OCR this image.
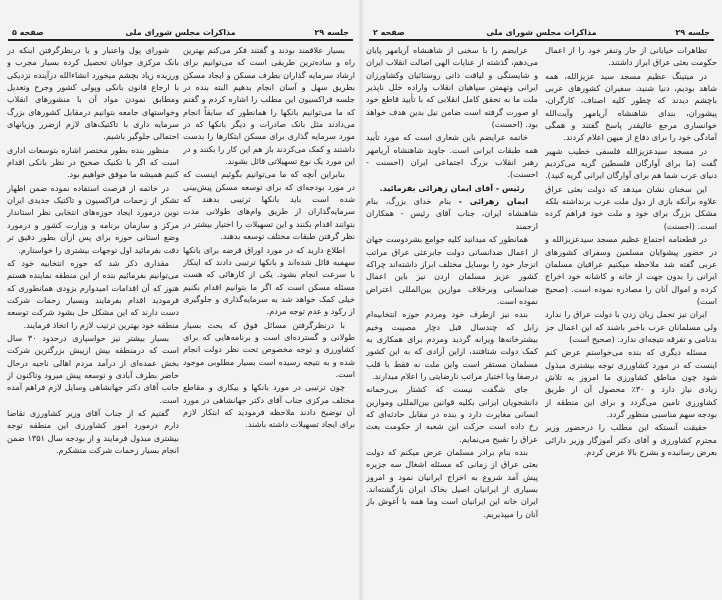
جلسه ۲۹
مذاکرات مجلس شورای ملی
صفحه ۵

بسیار علاقمند بودند و گفتند فکر می‌کنم بهترین راه و ساده‌ترین طریقی است که می‌توانیم برای ارشاد سرمایه گذاران بطرف مسکن و ایجاد مسکن بطریق سهل و آسان انجام بدهیم البته بنده در جلسه فراکسیون این مطلب را اشاره کردم و گفتم که ما می‌توانیم بانکها را همانطور که سابقاً انجام می‌دادند مثل بانک صادرات و دیگر بانکها که در مورد سرمایه گذاری برای مسکن ابتکارها را بدست داشتند و کمک می‌کردند باز هم این کار را بکنند و در این مورد یک نوع تسهیلاتی قائل بشوند.

بنابراین آنچه که ما می‌توانیم بگوئیم اینست که در مورد بودجه‌ای که برای توسعه مسکن پیش‌بینی شده است باید بانکها ترتیبی بدهند که سرمایه‌گذاران از طریق وام‌های طولانی مدت بتوانند اقدام بکنند و این تسهیلات را اختیار بیشتر در نظر گرفتن طبقات مختلف توسعه بدهند.

اطلاع دارید که در مورد اوراق قرضه برای بانکها سهمیه قائل شده‌اند و بانکها ترتیبی دادند که اینکار با سرعت انجام بشود. یکی از کارهائی که هست مسئله مسکن است که اگر ما بتوانیم اقدام بکنیم خیلی کمک خواهد شد به سرمایه‌گذاری و جلوگیری از رکود و عدم توجه مردم.

با درنظرگرفتن مسائل فوق که بحث بسیار طولانی و گسترده‌ای است و برنامه‌هایی که برای کشاورزی و توجه مخصوص تحت نظر دولت انجام شده و به نتیجه رسیده است بسیار مطلوبی موجود است.

چون ترتیبی در مورد بانکها و بیکاری و مقاطع مختلف مرکزی جناب آقای دکتر جهانشاهی در مورد آن توضیح دادند ملاحظه فرمودید که ابتکار لازم برای ایجاد تسهیلات داشته باشند.

شورای پول واعتبار و یا درنظرگرفتن اینکه در بانک مرکزی جوانان تحصیل کرده بسیار مجرب و ورزیده زیاد بچشم میخورد انشاءالله درآینده نزدیکی با ارجاع قانون بانکی وپولی کشور وجرح وتعدیل ومطابق نمودن مواد آن با منشورهای انقلاب وخواستهای جامعه بتوانیم درمقابل کشورهای بزرگ سرمایه داری با تاکتیک‌های لازم ازضرر وزیانهای احتمالی جلوگیر باشیم.

منظور بنده بطور مختصر اشاره بتوسعات اداری است که اگر با تکنیک صحیح در نظر بانکی اقدام کنیم همیشه ما موفق خواهیم بود.

در خاتمه از فرصت استفاده نموده ضمن اظهار تشکر از زحمات فراکسیون و تاکتیک جدیدی ایران نوین درمورد ایجاد حوزه‌های انتخابی نظر استاندار مرکز و سازمان برنامه و وزارت کشور و درمورد وضع استانی حوزه برای پس ازآن بطور دقیق تر دقت بفرمائید اول توجهات بیشتری را خواستارم.

مقداری ذکر شد که حوزه انتخابیه خود که می‌توانیم بفرمائیم بنده از این منطقه نماینده هستم هنوز که آن اقدامات امیدوارم بزودی همانطوری که فرمودید اقدام بفرمایند وبسیار زحمات شرکت دست دارند که این مشکل حل بشود شرکت توسعه منطقه خود بهترین ترتیب لازم را اتخاذ فرمایند.

بسیار بیشتر نیز حواسپاری درحدود ۳۰ سال است که درمنطقه بیش ازپیش بزرگترین شرکت بخش عمده‌ای از درآمد مردم اهالی ناحیه درحال حاضر بطرف آبادی و توسعه پیش میرود وتاکنون از جانب آقای دکتر جهانشاهی وسایل لازم فراهم آمده است.

گفتیم که از جناب آقای وزیر کشاورزی تقاضا دارم درمورد امور کشاورزی این منطقه توجه بیشتری مبذول فرمایند و از بودجه سال ۱۳۵۱ ضمن انجام بسیار زحمات شرکت متشکرم.

جلسه ۲۹
مذاکرات مجلس شورای ملی
صفحه ۲

تظاهرات خیابانی از جار وتنفر خود را از اعمال حکومت بعثی عراق ابراز داشتند.

در میتینگ عظیم مسجد سید عزیزالله، همه شاهد بودیم، دنیا شنید، سفیران کشورهای عربی باچشم دیدند که چطور کلیه اصناف، کارگران، پیشوران، بندای شاهنشاه آریامهر وآیت‌الله خوانساری مرجع عالیقدر پاسخ گفتند و همگی آمادگی خود را برای دفاع از میهن اعلام کردند.

در مسجد سیدعزیزالله فلسفی خطیب شهیر گفت (ما برای آوارگان فلسطین گریه می‌کردیم دنیای عرب شما هم برای آوارگان ایرانی گریه کنید).

این سخنان نشان میدهد که دولت بعثی عراق علاوه برآنکه بازی از دول ملت عرب برنداشته بلکه مشکل بزرگ برای خود و ملت خود فراهم کرده است. (احسنت)

در قطعنامه اجتماع عظیم مسجد سیدعزیزالله و در حضور پیشوایان مسلمین وسفرای کشورهای عربی گفته شد ملاحظه میکنیم عراقیان مسلمان ایرانی را بدون جهت از خانه و کاشانه خود اخراج کرده و اموال آنان را مصادره نموده است. (صحیح است)

ایران نیز تحمل زبان زدن با دولت عراق را ندارد ولی مسلمانان عرب باخبر باشند که این اعمال جز بدنامی و تفرقه نتیجه‌ای ندارد. (صحیح است)

مسئله دیگری که بنده می‌خواستم عرض کنم اینست که در مورد کشاورزی توجه بیشتری مبذول شود چون مناطق کشاورزی ما امروز به تلاش زیادی نیاز دارد و ۳۰٪ محصول آن از طریق کشاورزی تامین می‌گردد و برای این منطقه از بودجه سهم مناسبی منظور گردد.

حقیقت آنستکه این مطلب را درحضور وزیر محترم کشاورزی و آقای دکتر آموزگار وزیر دارائی بعرض رسانیده و بشرح بالا عرض کردم.

عرایضم را با سخنی از شاهنشاه آریامهر پایان می‌دهم، گذشته از عنایات الهی اصالت انقلاب ایران و شایستگی و لیاقت ذاتی روستائیان وکشاورزان ایرانی وتهمتن سپاهیان انقلاب واراده خلل ناپذیر ملت ما به تحقق کامل انقلابی که با تأیید قاطع خود او صورت گرفته است ضامن نیل بدین هدف خواهد بود. (احسنت)

خاتمه عرایضم باین شعاری است که مورد تأیید همه طبقات ایرانی است. جاوید شاهنشاه آریامهر رهبر انقلاب بزرگ اجتماعی ایران (احسنت - احسنت).

رئیس - آقای ایمان زهرائی بفرمائید.

ایمان زهرائی - بنام خدای بزرگ، بنام شاهنشاه ایران، جناب آقای رئیس - همکاران ارجمند

همانطور که میدانید کلیه جوامع بشردوست جهان از اعمال ضدانسانی دولت جابرعثی عراق مراتب انزجار خود را بوسایل مختلف ابراز داشته‌اند چراکه کشور عزیز مسلمان اردن نیز باین اعمال ضدانسانی وبرخلاف موازین بین‌المللی اعتراض نموده است.

بنده نیز ازطرف خود ومردم حوزه انتخابیه‌ام زابل که چندسال قبل دچار مصیبت وخیم بیشترخانه‌ها ویرانه گردید ومردم برای همکاری به کمک دولت شتافتند، ازاین آزادی که به این کشور مسلمان مستقر است واین ملت نه فقط با قلب درصفا وبا اختیار مراتب نارضایتی را اعلام میدارند.

جای شگفت نیست که کشتار بی‌رحمانه دانشجویان ایرانی بکلیه قوانین بین‌المللی وموازین انسانی مغایرت دارد و بنده در مقابل حادثه‌ای که رخ داده است حرکت این شعبه از حکومت بعث عراق را تقبیح می‌نمایم.

بنده بنام برادر مسلمان عرض میکنم که دولت بعثی عراق از زمانی که مسئله اشغال سه جزیره پیش آمد شروع به اخراج ایرانیان نمود و امروز بسیاری از ایرانیان اصیل بخاک ایران بازگشته‌اند. ایران خانه این ایرانیان است وما همه با آغوش باز آنان را میپذیریم.
